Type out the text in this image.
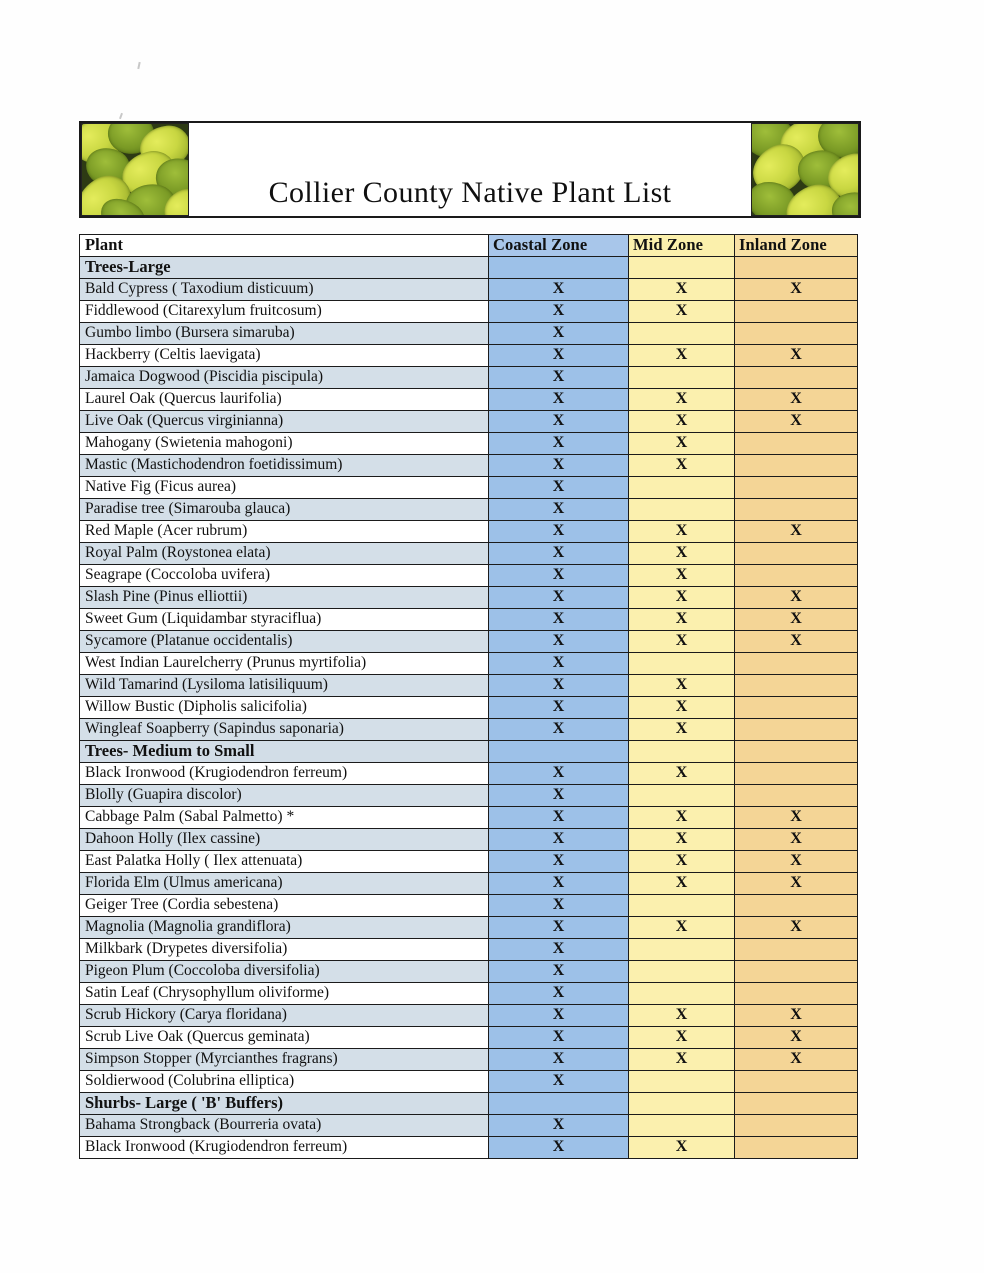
Collier County Native Plant List
Plant	Coastal Zone	Mid Zone	Inland Zone
Trees-Large			
Bald Cypress ( Taxodium disticuum)	X	X	X
Fiddlewood (Citarexylum fruitcosum)	X	X	
Gumbo limbo (Bursera simaruba)	X		
Hackberry (Celtis laevigata)	X	X	X
Jamaica Dogwood (Piscidia piscipula)	X		
Laurel Oak (Quercus laurifolia)	X	X	X
Live Oak (Quercus virginianna)	X	X	X
Mahogany (Swietenia mahogoni)	X	X	
Mastic (Mastichodendron foetidissimum)	X	X	
Native Fig (Ficus aurea)	X		
Paradise tree (Simarouba glauca)	X		
Red Maple (Acer rubrum)	X	X	X
Royal Palm (Roystonea elata)	X	X	
Seagrape (Coccoloba uvifera)	X	X	
Slash Pine (Pinus elliottii)	X	X	X
Sweet Gum (Liquidambar styraciflua)	X	X	X
Sycamore (Platanue occidentalis)	X	X	X
West Indian Laurelcherry (Prunus myrtifolia)	X		
Wild Tamarind (Lysiloma latisiliquum)	X	X	
Willow Bustic (Dipholis salicifolia)	X	X	
Wingleaf Soapberry (Sapindus saponaria)	X	X	
Trees- Medium to Small			
Black Ironwood (Krugiodendron ferreum)	X	X	
Blolly (Guapira discolor)	X		
Cabbage Palm (Sabal Palmetto) *	X	X	X
Dahoon Holly (Ilex cassine)	X	X	X
East Palatka Holly ( Ilex attenuata)	X	X	X
Florida Elm (Ulmus americana)	X	X	X
Geiger Tree (Cordia sebestena)	X		
Magnolia (Magnolia grandiflora)	X	X	X
Milkbark (Drypetes diversifolia)	X		
Pigeon Plum (Coccoloba diversifolia)	X		
Satin Leaf (Chrysophyllum oliviforme)	X		
Scrub Hickory (Carya floridana)	X	X	X
Scrub Live Oak (Quercus geminata)	X	X	X
Simpson Stopper (Myrcianthes fragrans)	X	X	X
Soldierwood (Colubrina elliptica)	X		
Shurbs- Large ( 'B' Buffers)			
Bahama Strongback (Bourreria ovata)	X		
Black Ironwood (Krugiodendron ferreum)	X	X	
